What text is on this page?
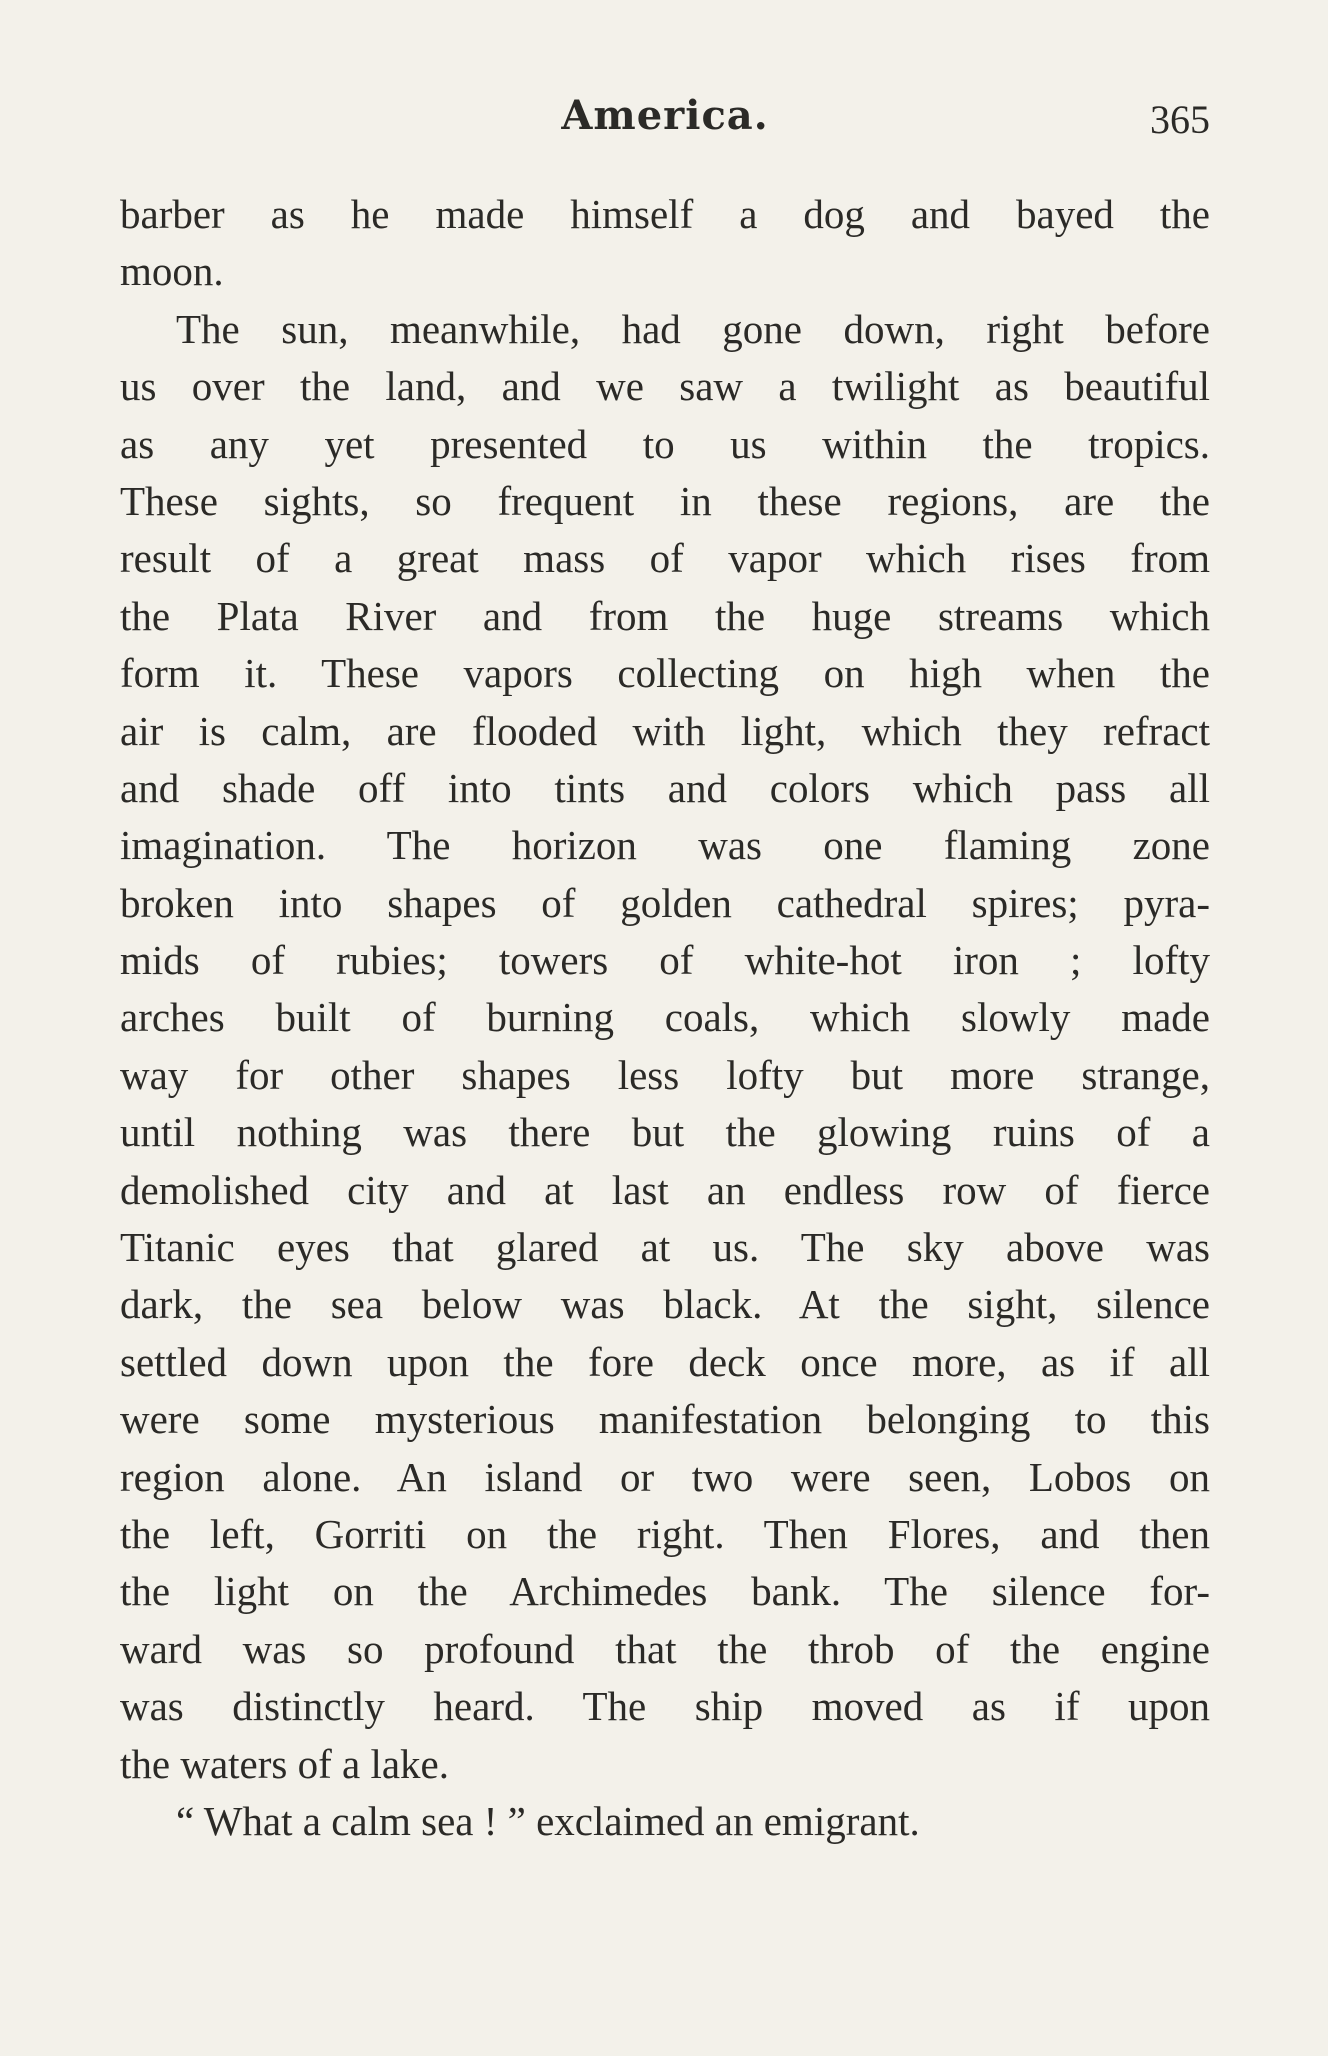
America.	365
barber as he made himself a dog and bayed the
moon.
The sun, meanwhile, had gone down, right before
us over the land, and we saw a twilight as beautiful
as any yet presented to us within the tropics.
These sights, so frequent in these regions, are the
result of a great mass of vapor which rises from
the Plata River and from the huge streams which
form it. These vapors collecting on high when the
air is calm, are flooded with light, which they refract
and shade off into tints and colors which pass all
imagination. The horizon was one flaming zone
broken into shapes of golden cathedral spires; pyra-
mids of rubies; towers of white-hot iron ; lofty
arches built of burning coals, which slowly made
way for other shapes less lofty but more strange,
until nothing was there but the glowing ruins of a
demolished city and at last an endless row of fierce
Titanic eyes that glared at us. The sky above was
dark, the sea below was black. At the sight, silence
settled down upon the fore deck once more, as if all
were some mysterious manifestation belonging to this
region alone. An island or two were seen, Lobos on
the left, Gorriti on the right. Then Flores, and then
the light on the Archimedes bank. The silence for-
ward was so profound that the throb of the engine
was distinctly heard. The ship moved as if upon
the waters of a lake.
“ What a calm sea ! ” exclaimed an emigrant.
